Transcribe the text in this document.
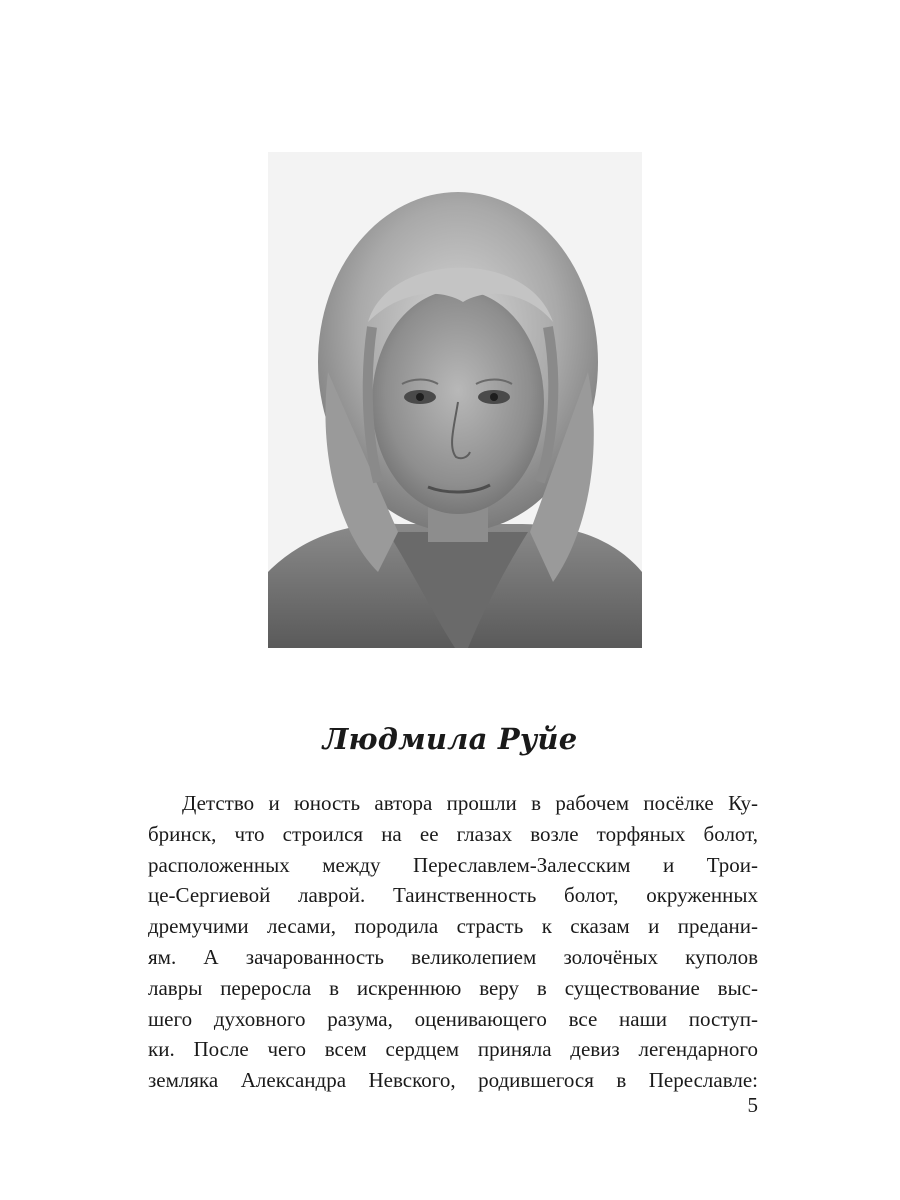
Людмила Руйе
Детство и юность автора прошли в рабочем посёлке Ку-
бринск, что строился на ее глазах возле торфяных болот,
расположенных между Переславлем-Залесским и Трои-
це-Сергиевой лаврой. Таинственность болот, окруженных
дремучими лесами, породила страсть к сказам и предани-
ям. А зачарованность великолепием золочёных куполов
лавры переросла в искреннюю веру в существование выс-
шего духовного разума, оценивающего все наши поступ-
ки. После чего всем сердцем приняла девиз легендарного
земляка Александра Невского, родившегося в Переславле:
5
